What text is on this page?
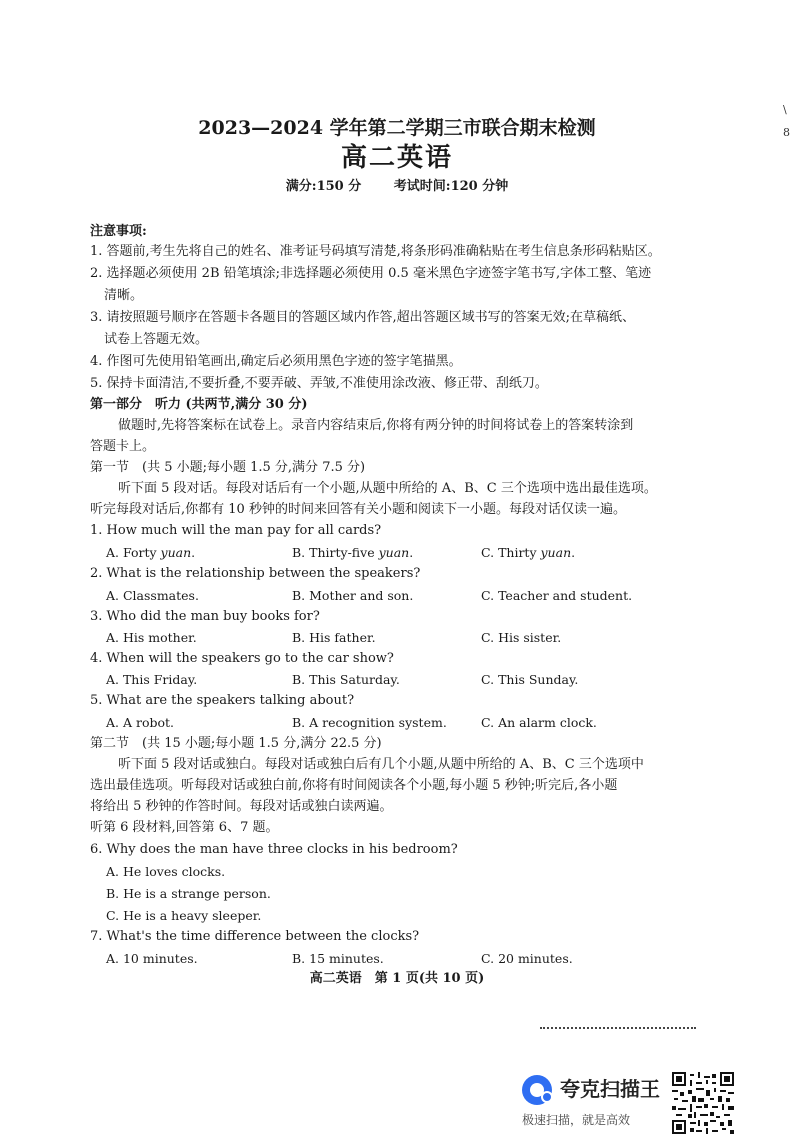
\
8
2023—2024 学年第二学期三市联合期末检测
高二英语
满分:150 分	考试时间:120 分钟
注意事项:
1. 答题前,考生先将自己的姓名、准考证号码填写清楚,将条形码准确粘贴在考生信息条形码粘贴区。
2. 选择题必须使用 2B 铅笔填涂;非选择题必须使用 0.5 毫米黑色字迹签字笔书写,字体工整、笔迹
清晰。
3. 请按照题号顺序在答题卡各题目的答题区域内作答,超出答题区域书写的答案无效;在草稿纸、
试卷上答题无效。
4. 作图可先使用铅笔画出,确定后必须用黑色字迹的签字笔描黑。
5. 保持卡面清洁,不要折叠,不要弄破、弄皱,不准使用涂改液、修正带、刮纸刀。
第一部分　听力 (共两节,满分 30 分)
做题时,先将答案标在试卷上。录音内容结束后,你将有两分钟的时间将试卷上的答案转涂到
答题卡上。
第一节　(共 5 小题;每小题 1.5 分,满分 7.5 分)
听下面 5 段对话。每段对话后有一个小题,从题中所给的 A、B、C 三个选项中选出最佳选项。
听完每段对话后,你都有 10 秒钟的时间来回答有关小题和阅读下一小题。每段对话仅读一遍。
1. How much will the man pay for all cards?
A. Forty yuan.	B. Thirty-five yuan.	C. Thirty yuan.
2. What is the relationship between the speakers?
A. Classmates.	B. Mother and son.	C. Teacher and student.
3. Who did the man buy books for?
A. His mother.	B. His father.	C. His sister.
4. When will the speakers go to the car show?
A. This Friday.	B. This Saturday.	C. This Sunday.
5. What are the speakers talking about?
A. A robot.	B. A recognition system.	C. An alarm clock.
第二节　(共 15 小题;每小题 1.5 分,满分 22.5 分)
听下面 5 段对话或独白。每段对话或独白后有几个小题,从题中所给的 A、B、C 三个选项中
选出最佳选项。听每段对话或独白前,你将有时间阅读各个小题,每小题 5 秒钟;听完后,各小题
将给出 5 秒钟的作答时间。每段对话或独白读两遍。
听第 6 段材料,回答第 6、7 题。
6. Why does the man have three clocks in his bedroom?
A. He loves clocks.
B. He is a strange person.
C. He is a heavy sleeper.
7. What's the time difference between the clocks?
A. 10 minutes.	B. 15 minutes.	C. 20 minutes.
高二英语　第 1 页(共 10 页)
夸克扫描王
极速扫描，就是高效
